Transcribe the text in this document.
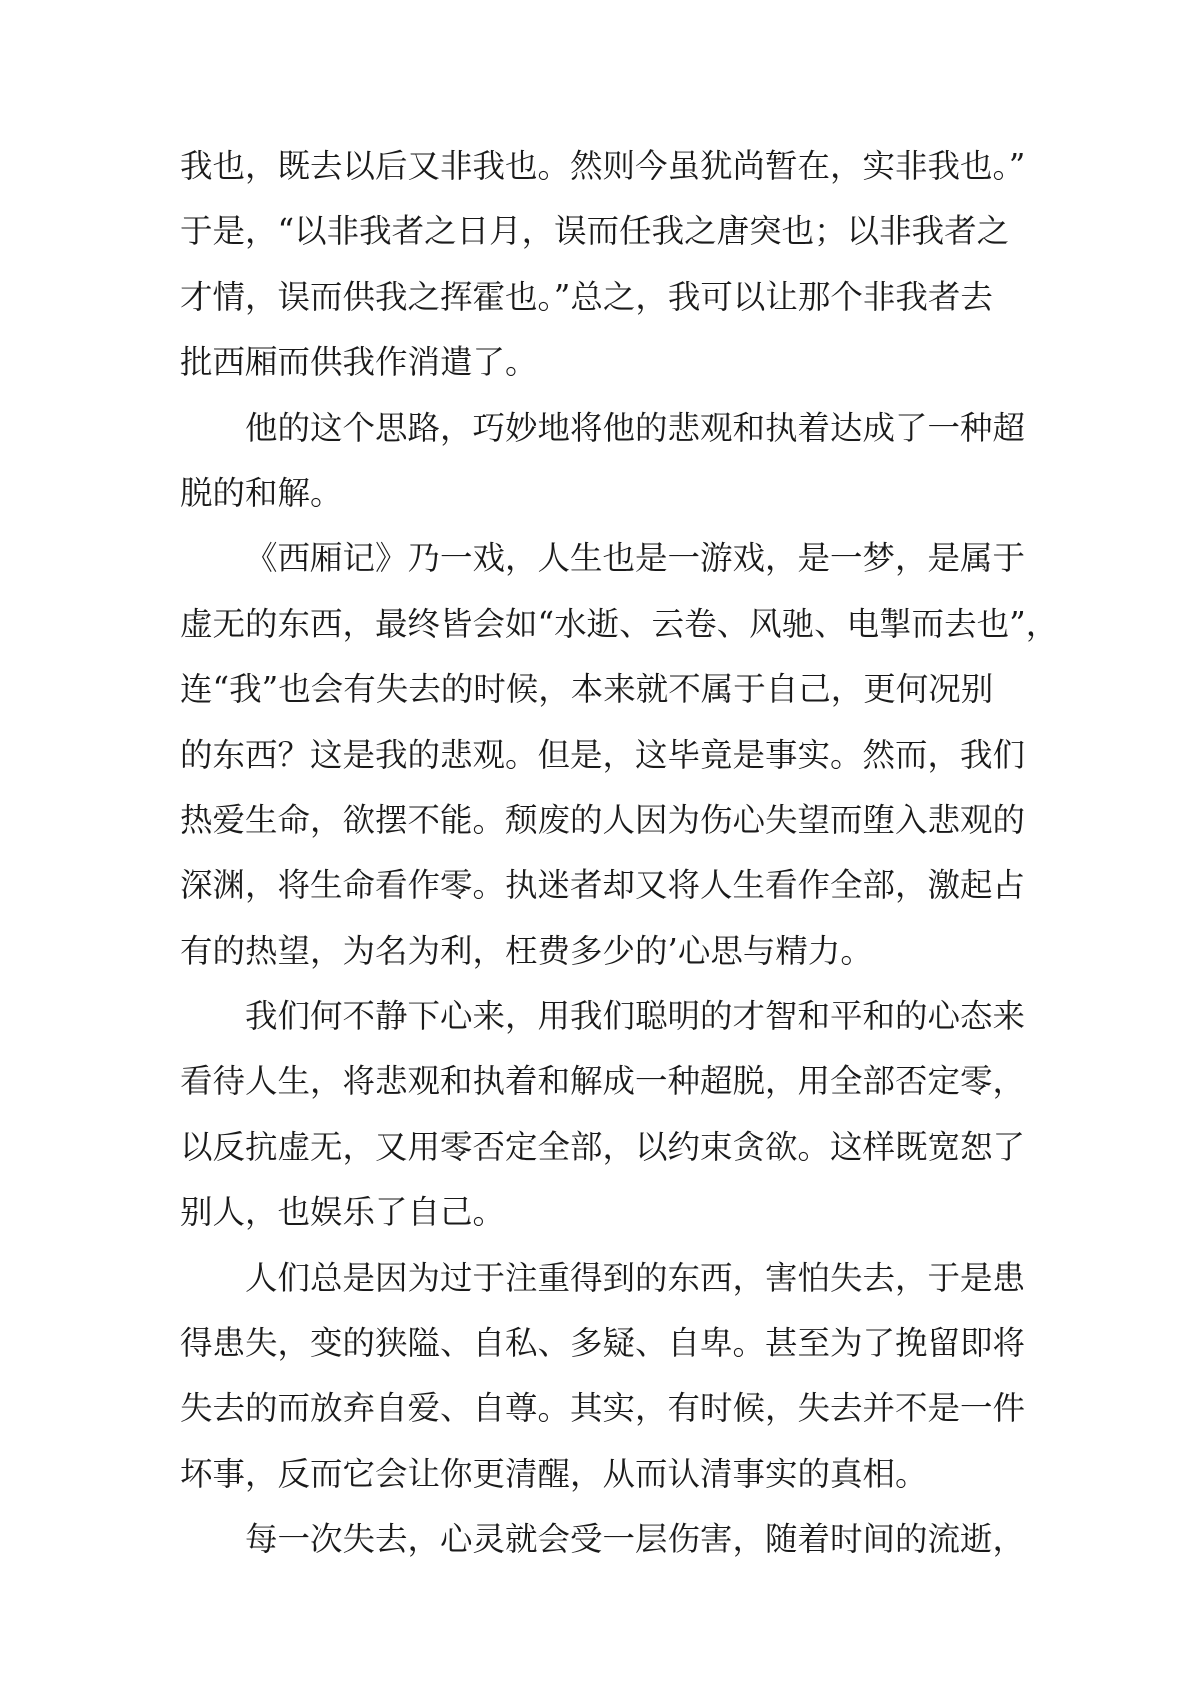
我也，既去以后又非我也。然则今虽犹尚暂在，实非我也。”
于是，“以非我者之日月，误而任我之唐突也；以非我者之
才情，误而供我之挥霍也。”总之，我可以让那个非我者去
批西厢而供我作消遣了。
他的这个思路，巧妙地将他的悲观和执着达成了一种超
脱的和解。
《西厢记》乃一戏，人生也是一游戏，是一梦，是属于
虚无的东西，最终皆会如“水逝、云卷、风驰、电掣而去也”，
连“我”也会有失去的时候，本来就不属于自己，更何况别
的东西？这是我的悲观。但是，这毕竟是事实。然而，我们
热爱生命，欲摆不能。颓废的人因为伤心失望而堕入悲观的
深渊，将生命看作零。执迷者却又将人生看作全部，激起占
有的热望，为名为利，枉费多少的’心思与精力。
我们何不静下心来，用我们聪明的才智和平和的心态来
看待人生，将悲观和执着和解成一种超脱，用全部否定零，
以反抗虚无，又用零否定全部，以约束贪欲。这样既宽恕了
别人，也娱乐了自己。
人们总是因为过于注重得到的东西，害怕失去，于是患
得患失，变的狭隘、自私、多疑、自卑。甚至为了挽留即将
失去的而放弃自爱、自尊。其实，有时候，失去并不是一件
坏事，反而它会让你更清醒，从而认清事实的真相。
每一次失去，心灵就会受一层伤害，随着时间的流逝，
